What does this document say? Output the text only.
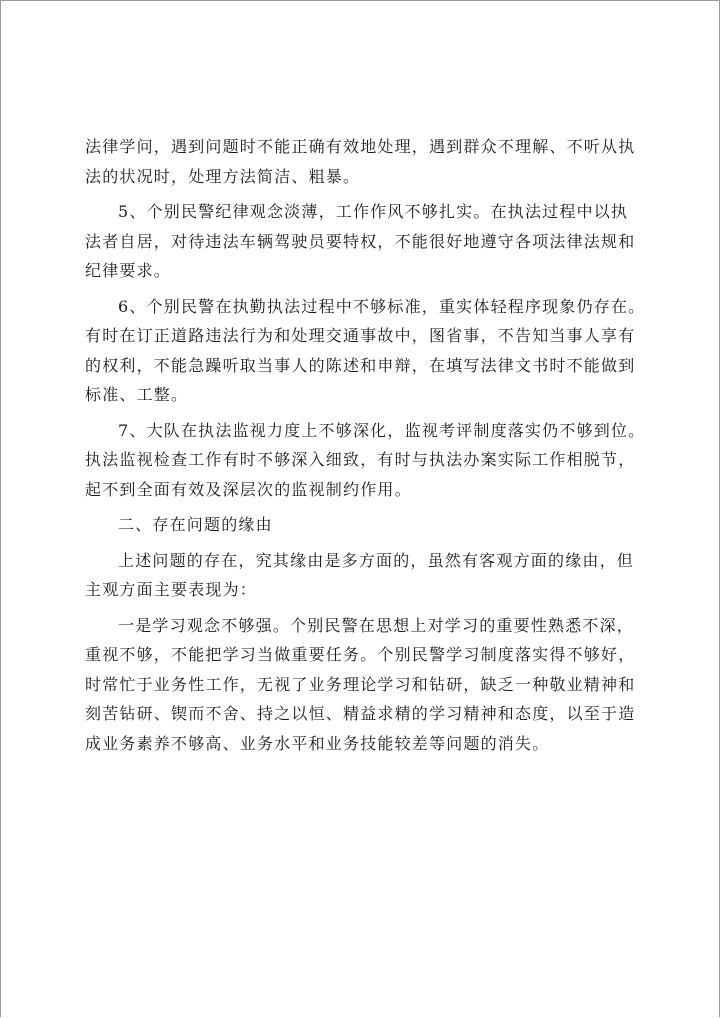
法律学问，遇到问题时不能正确有效地处理，遇到群众不理解、不听从执
法的状况时，处理方法简洁、粗暴。
5、个别民警纪律观念淡薄，工作作风不够扎实。在执法过程中以执
法者自居，对待违法车辆驾驶员要特权，不能很好地遵守各项法律法规和
纪律要求。
6、个别民警在执勤执法过程中不够标准，重实体轻程序现象仍存在。
有时在订正道路违法行为和处理交通事故中，图省事，不告知当事人享有
的权利，不能急躁听取当事人的陈述和申辩，在填写法律文书时不能做到
标准、工整。
7、大队在执法监视力度上不够深化，监视考评制度落实仍不够到位。
执法监视检查工作有时不够深入细致，有时与执法办案实际工作相脱节，
起不到全面有效及深层次的监视制约作用。
二、存在问题的缘由
上述问题的存在，究其缘由是多方面的，虽然有客观方面的缘由，但
主观方面主要表现为：
一是学习观念不够强。个别民警在思想上对学习的重要性熟悉不深，
重视不够，不能把学习当做重要任务。个别民警学习制度落实得不够好，
时常忙于业务性工作，无视了业务理论学习和钻研，缺乏一种敬业精神和
刻苦钻研、锲而不舍、持之以恒、精益求精的学习精神和态度，以至于造
成业务素养不够高、业务水平和业务技能较差等问题的消失。
